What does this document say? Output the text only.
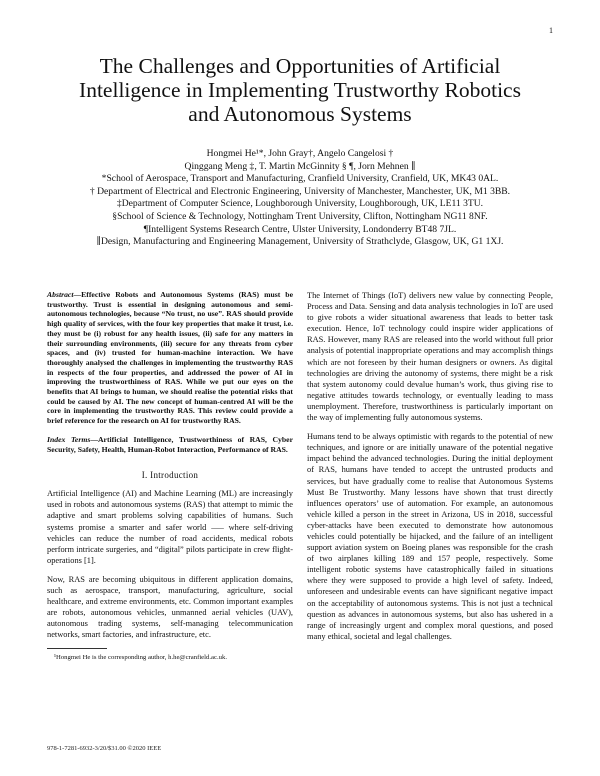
1
The Challenges and Opportunities of Artificial
Intelligence in Implementing Trustworthy Robotics
and Autonomous Systems
Hongmei He¹*, John Gray†, Angelo Cangelosi †
Qinggang Meng ‡, T. Martin McGinnity § ¶, Jorn Mehnen ∥
*School of Aerospace, Transport and Manufacturing, Cranfield University, Cranfield, UK, MK43 0AL.
† Department of Electrical and Electronic Engineering, University of Manchester, Manchester, UK, M1 3BB.
‡Department of Computer Science, Loughborough University, Loughborough, UK, LE11 3TU.
§School of Science & Technology, Nottingham Trent University, Clifton, Nottingham NG11 8NF.
¶Intelligent Systems Research Centre, Ulster University, Londonderry BT48 7JL.
∥Design, Manufacturing and Engineering Management, University of Strathclyde, Glasgow, UK, G1 1XJ.

Abstract—Effective Robots and Autonomous Systems (RAS) must be trustworthy. Trust is essential in designing autonomous and semi-autonomous technologies, because “No trust, no use”. RAS should provide high quality of services, with the four key properties that make it trust, i.e. they must be (i) robust for any health issues, (ii) safe for any matters in their surrounding environments, (iii) secure for any threats from cyber spaces, and (iv) trusted for human-machine interaction. We have thoroughly analysed the challenges in implementing the trustworthy RAS in respects of the four properties, and addressed the power of AI in improving the trustworthiness of RAS. While we put our eyes on the benefits that AI brings to human, we should realise the potential risks that could be caused by AI. The new concept of human-centred AI will be the core in implementing the trustworthy RAS. This review could provide a brief reference for the research on AI for trustworthy RAS.

Index Terms—Artificial Intelligence, Trustworthiness of RAS, Cyber Security, Safety, Health, Human-Robot Interaction, Performance of RAS.

I. Introduction

Artificial Intelligence (AI) and Machine Learning (ML) are increasingly used in robots and autonomous systems (RAS) that attempt to mimic the adaptive and smart problems solving capabilities of humans. Such systems promise a smarter and safer world —– where self-driving vehicles can reduce the number of road accidents, medical robots perform intricate surgeries, and “digital” pilots participate in crew flight-operations [1].

Now, RAS are becoming ubiquitous in different application domains, such as aerospace, transport, manufacturing, agriculture, social healthcare, and extreme environments, etc. Common important examples are robots, autonomous vehicles, unmanned aerial vehicles (UAV), autonomous trading systems, self-managing telecommunication networks, smart factories, and infrastructure, etc.

¹Hongmei He is the corresponding author, h.he@cranfield.ac.uk.

The Internet of Things (IoT) delivers new value by connecting People, Process and Data. Sensing and data analysis technologies in IoT are used to give robots a wider situational awareness that leads to better task execution. Hence, IoT technology could inspire wider applications of RAS. However, many RAS are released into the world without full prior analysis of potential inappropriate operations and may accomplish things which are not foreseen by their human designers or owners. As digital technologies are driving the autonomy of systems, there might be a risk that system autonomy could devalue human’s work, thus giving rise to negative attitudes towards technology, or eventually leading to mass unemployment. Therefore, trustworthiness is particularly important on the way of implementing fully autonomous systems.

Humans tend to be always optimistic with regards to the potential of new techniques, and ignore or are initially unaware of the potential negative impact behind the advanced technologies. During the initial deployment of RAS, humans have tended to accept the untrusted products and services, but have gradually come to realise that Autonomous Systems Must Be Trustworthy. Many lessons have shown that trust directly influences operators’ use of automation. For example, an autonomous vehicle killed a person in the street in Arizona, US in 2018, successful cyber-attacks have been executed to demonstrate how autonomous vehicles could potentially be hijacked, and the failure of an intelligent support aviation system on Boeing planes was responsible for the crash of two airplanes killing 189 and 157 people, respectively. Some intelligent robotic systems have catastrophically failed in situations where they were supposed to provide a high level of safety. Indeed, unforeseen and undesirable events can have significant negative impact on the acceptability of autonomous systems. This is not just a technical question as advances in autonomous systems, but also has ushered in a range of increasingly urgent and complex moral questions, and posed many ethical, societal and legal challenges.

978-1-7281-6932-3/20/$31.00 ©2020 IEEE
